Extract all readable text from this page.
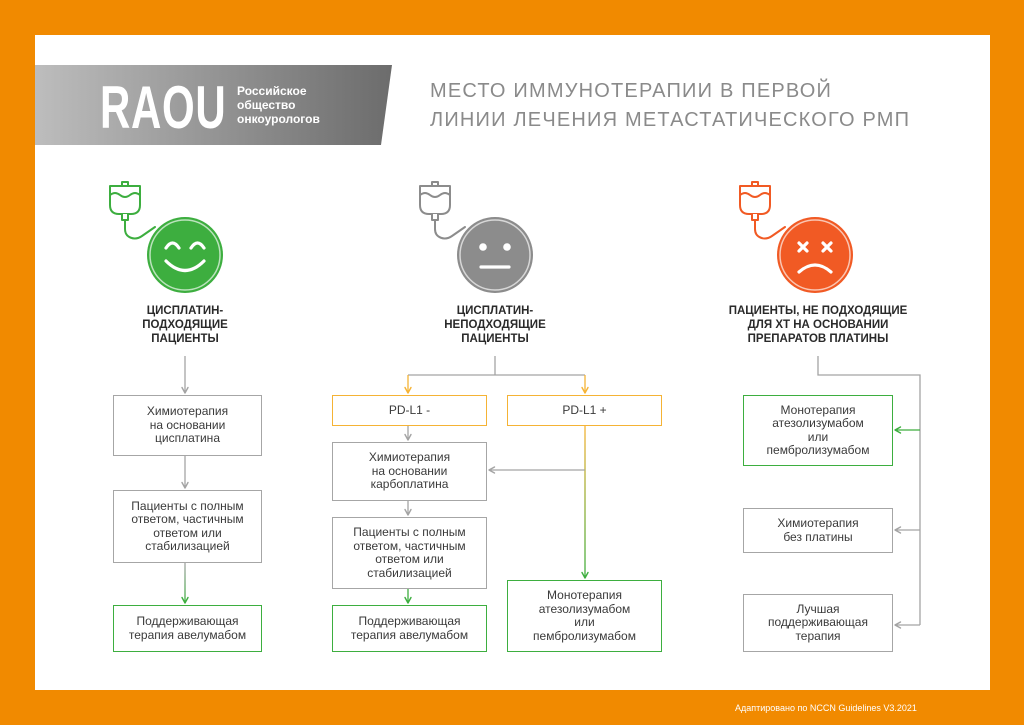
RAOU Российское
общество
онкоурологов
МЕСТО ИММУНОТЕРАПИИ В ПЕРВОЙ
ЛИНИИ ЛЕЧЕНИЯ МЕТАСТАТИЧЕСКОГО РМП
ЦИСПЛАТИН-
ПОДХОДЯЩИЕ
ПАЦИЕНТЫ
ЦИСПЛАТИН-
НЕПОДХОДЯЩИЕ
ПАЦИЕНТЫ
ПАЦИЕНТЫ, НЕ ПОДХОДЯЩИЕ
ДЛЯ ХТ НА ОСНОВАНИИ
ПРЕПАРАТОВ ПЛАТИНЫ
Химиотерапия
на основании
цисплатина
Пациенты с полным
ответом, частичным
ответом или
стабилизацией
Поддерживающая
терапия авелумабом
PD-L1 -	PD-L1 +
Химиотерапия
на основании
карбоплатина
Пациенты с полным
ответом, частичным
ответом или
стабилизацией
Поддерживающая
терапия авелумабом
Монотерапия
атезолизумабом
или
пембролизумабом
Монотерапия
атезолизумабом
или
пембролизумабом
Химиотерапия
без платины
Лучшая
поддерживающая
терапия
Адаптировано по NCCN Guidelines V3.2021
